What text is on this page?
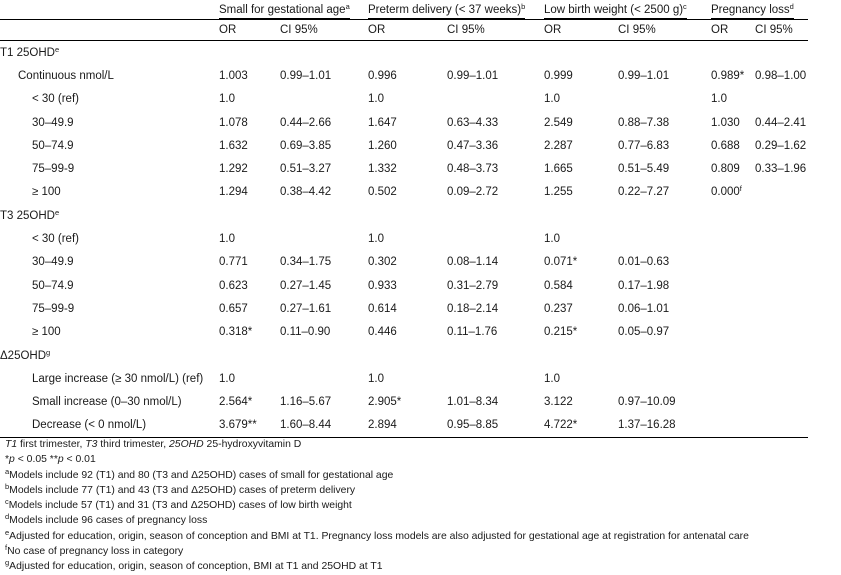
	Small for gestational age$^a$		Preterm delivery (< 37 weeks)$^b$		Low birth weight (< 2500 g)$^c$		Pregnancy loss$^d$
	OR	CI 95%	OR	CI 95%	OR	CI 95%	OR	CI 95%
T1 25OHD$^e$								
Continuous nmol/L	1.003	0.99–1.01	0.996	0.99–1.01	0.999	0.99–1.01	0.989*	0.98–1.00
< 30 (ref)	1.0		1.0		1.0		1.0	
30–49.9	1.078	0.44–2.66	1.647	0.63–4.33	2.549	0.88–7.38	1.030	0.44–2.41
50–74.9	1.632	0.69–3.85	1.260	0.47–3.36	2.287	0.77–6.83	0.688	0.29–1.62
75–99-9	1.292	0.51–3.27	1.332	0.48–3.73	1.665	0.51–5.49	0.809	0.33–1.96
≥ 100	1.294	0.38–4.42	0.502	0.09–2.72	1.255	0.22–7.27	0.000$^f$	
T3 25OHD$^e$								
< 30 (ref)	1.0		1.0		1.0			
30–49.9	0.771	0.34–1.75	0.302	0.08–1.14	0.071*	0.01–0.63		
50–74.9	0.623	0.27–1.45	0.933	0.31–2.79	0.584	0.17–1.98		
75–99-9	0.657	0.27–1.61	0.614	0.18–2.14	0.237	0.06–1.01		
≥ 100	0.318*	0.11–0.90	0.446	0.11–1.76	0.215*	0.05–0.97		
Δ25OHD$^g$								
Large increase (≥ 30 nmol/L) (ref)	1.0		1.0		1.0			
Small increase (0–30 nmol/L)	2.564*	1.16–5.67	2.905*	1.01–8.34	3.122	0.97–10.09		
Decrease (< 0 nmol/L)	3.679**	1.60–8.44	2.894	0.95–8.85	4.722*	1.37–16.28		
T1 first trimester, T3 third trimester, 25OHD 25-hydroxyvitamin D
*p < 0.05 **p < 0.01
$^a$Models include 92 (T1) and 80 (T3 and Δ25OHD) cases of small for gestational age
$^b$Models include 77 (T1) and 43 (T3 and Δ25OHD) cases of preterm delivery
$^c$Models include 57 (T1) and 31 (T3 and Δ25OHD) cases of low birth weight
$^d$Models include 96 cases of pregnancy loss
$^e$Adjusted for education, origin, season of conception and BMI at T1. Pregnancy loss models are also adjusted for gestational age at registration for antenatal care
$^f$No case of pregnancy loss in category
$^g$Adjusted for education, origin, season of conception, BMI at T1 and 25OHD at T1
